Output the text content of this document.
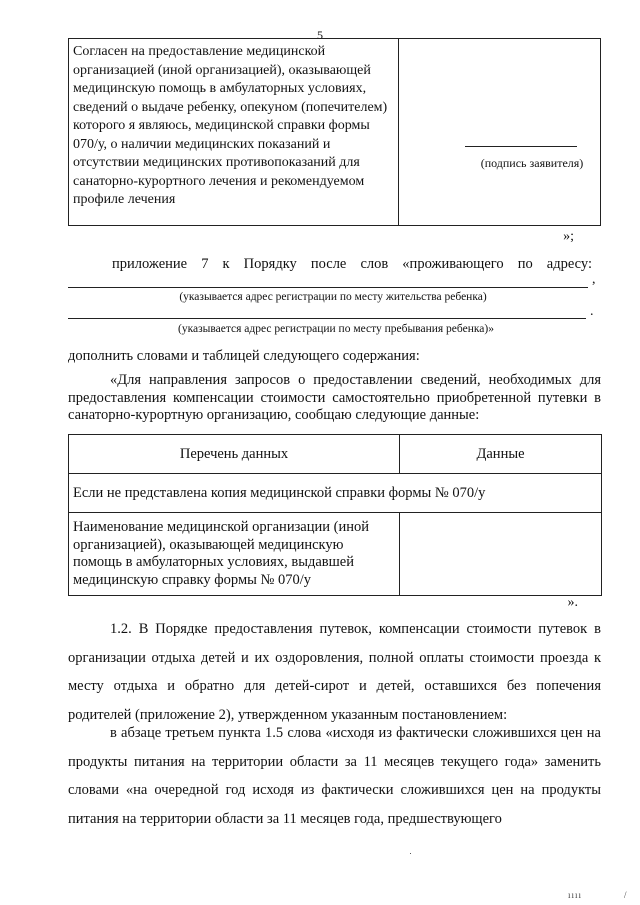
5
Согласен на предоставление медицинской организацией (иной организацией), оказывающей медицинскую помощь в амбулаторных условиях, сведений о выдаче ребенку, опекуном (попечителем) которого я являюсь, медицинской справки формы 070/у, о наличии медицинских показаний и отсутствии медицинских противопоказаний для санаторно-курортного лечения и рекомендуемом профиле лечения
(подпись заявителя)
»;
приложение 7 к Порядку после слов «проживающего по адресу:
,
(указывается адрес регистрации по месту жительства ребенка)
.
(указывается адрес регистрации по месту пребывания ребенка)»
дополнить словами и таблицей следующего содержания:
«Для направления запросов о предоставлении сведений, необходимых для предоставления компенсации стоимости самостоятельно приобретенной путевки в санаторно-курортную организацию, сообщаю следующие данные:
Перечень данных	Данные
Если не представлена копия медицинской справки формы № 070/у	
Наименование медицинской организации (иной организацией), оказывающей медицинскую помощь в амбулаторных условиях, выдавшей медицинскую справку формы № 070/у	
».
1.2. В Порядке предоставления путевок, компенсации стоимости путевок в организации отдыха детей и их оздоровления, полной оплаты стоимости проезда к месту отдыха и обратно для детей-сирот и детей, оставшихся без попечения родителей (приложение 2), утвержденном указанным постановлением:
в абзаце третьем пункта 1.5 слова «исходя из фактически сложившихся цен на продукты питания на территории области за 11 месяцев текущего года» заменить словами «на очередной год исходя из фактически сложившихся цен на продукты питания на территории области за 11 месяцев года, предшествующего
ıııı	/
